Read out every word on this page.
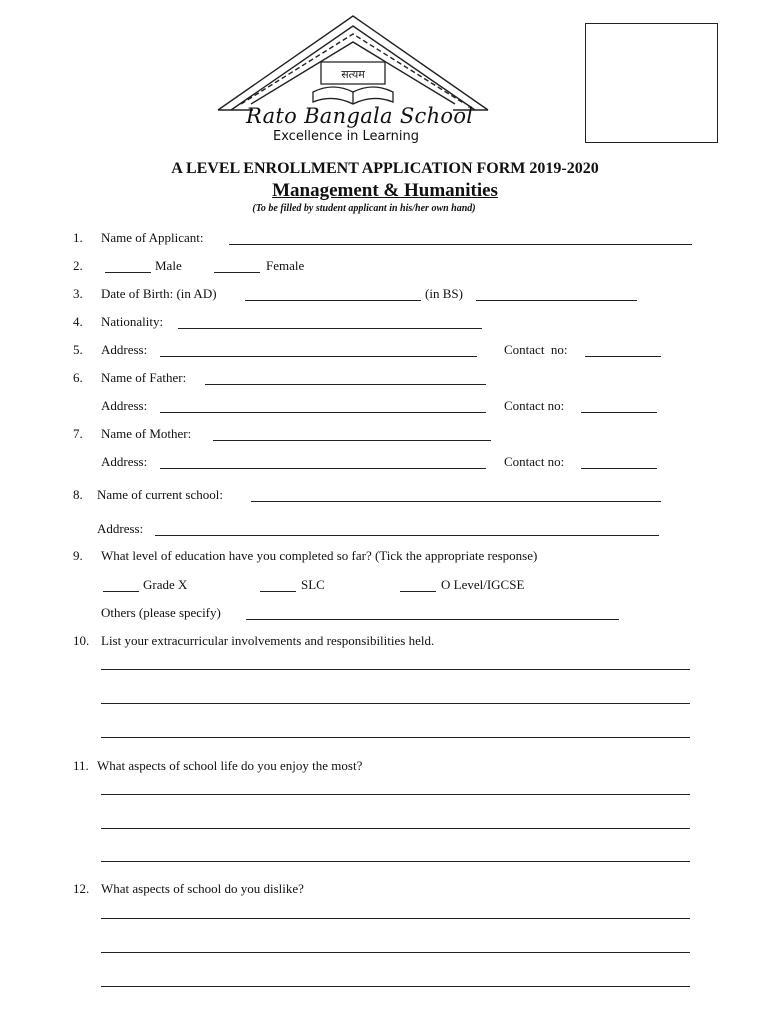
सत्यम
Rato Bangala School
Excellence in Learning
A LEVEL ENROLLMENT APPLICATION FORM 2019-2020
Management & Humanities
(To be filled by student applicant in his/her own hand)
1. Name of Applicant:
2.	Male	Female
3. Date of Birth: (in AD)	(in BS)
4. Nationality:
5. Address:	Contact  no:
6. Name of Father:
Address:	Contact no:
7. Name of Mother:
Address:	Contact no:
8. Name of current school:
Address:
9. What level of education have you completed so far? (Tick the appropriate response)
Grade X	SLC	O Level/IGCSE
Others (please specify)
10. List your extracurricular involvements and responsibilities held.
11. What aspects of school life do you enjoy the most?
12. What aspects of school do you dislike?
